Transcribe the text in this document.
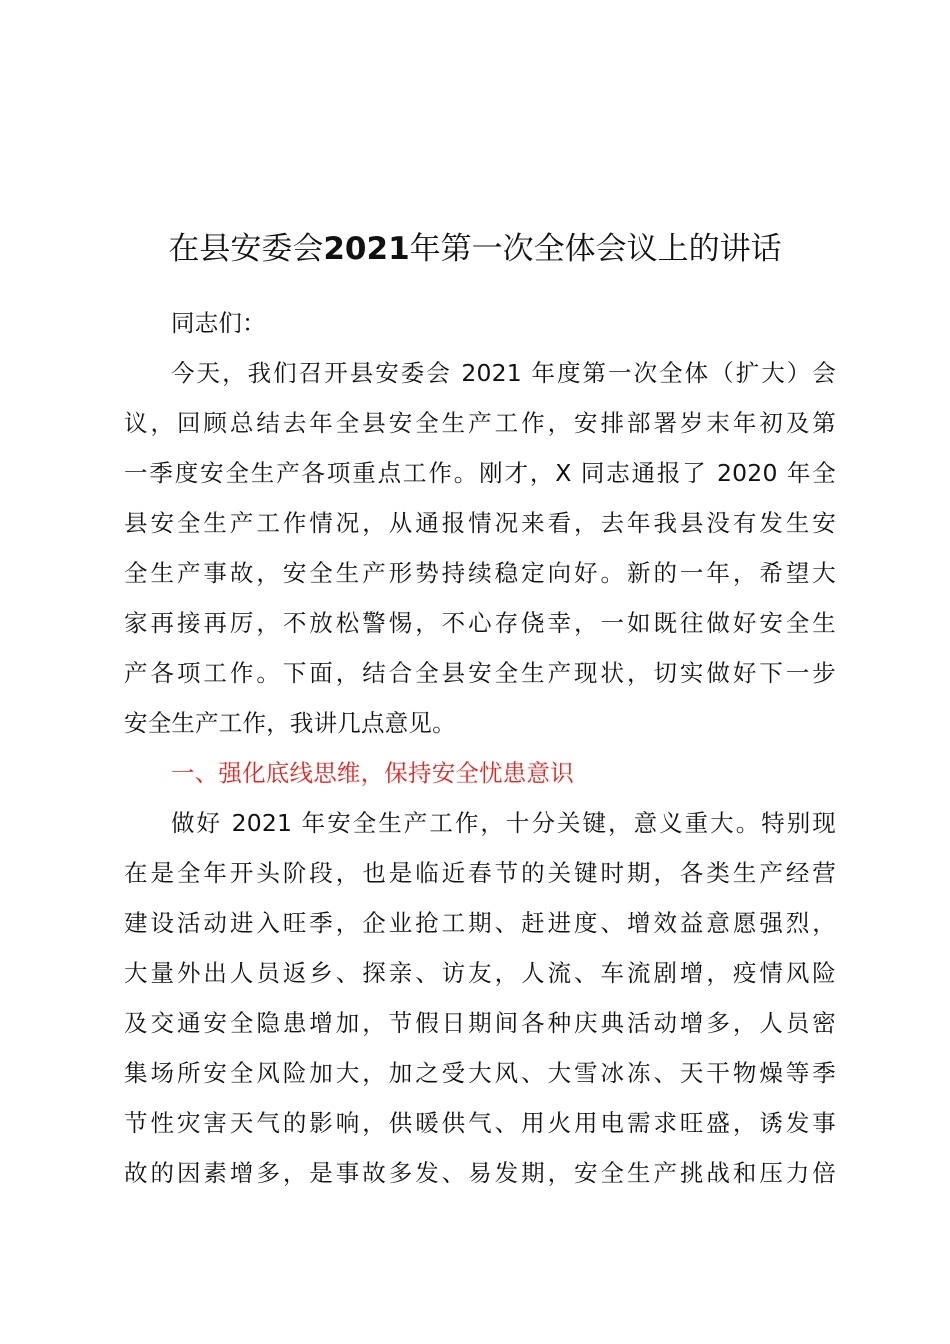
在县安委会2021年第一次全体会议上的讲话

同志们：

今天，我们召开县安委会 2021 年度第一次全体（扩大）会
议，回顾总结去年全县安全生产工作，安排部署岁末年初及第
一季度安全生产各项重点工作。刚才，X 同志通报了 2020 年全
县安全生产工作情况，从通报情况来看，去年我县没有发生安
全生产事故，安全生产形势持续稳定向好。新的一年，希望大
家再接再厉，不放松警惕，不心存侥幸，一如既往做好安全生
产各项工作。下面，结合全县安全生产现状，切实做好下一步
安全生产工作，我讲几点意见。

一、强化底线思维，保持安全忧患意识

做好 2021 年安全生产工作，十分关键，意义重大。特别现
在是全年开头阶段，也是临近春节的关键时期，各类生产经营
建设活动进入旺季，企业抢工期、赶进度、增效益意愿强烈，
大量外出人员返乡、探亲、访友，人流、车流剧增，疫情风险
及交通安全隐患增加，节假日期间各种庆典活动增多，人员密
集场所安全风险加大，加之受大风、大雪冰冻、天干物燥等季
节性灾害天气的影响，供暖供气、用火用电需求旺盛，诱发事
故的因素增多，是事故多发、易发期，安全生产挑战和压力倍
